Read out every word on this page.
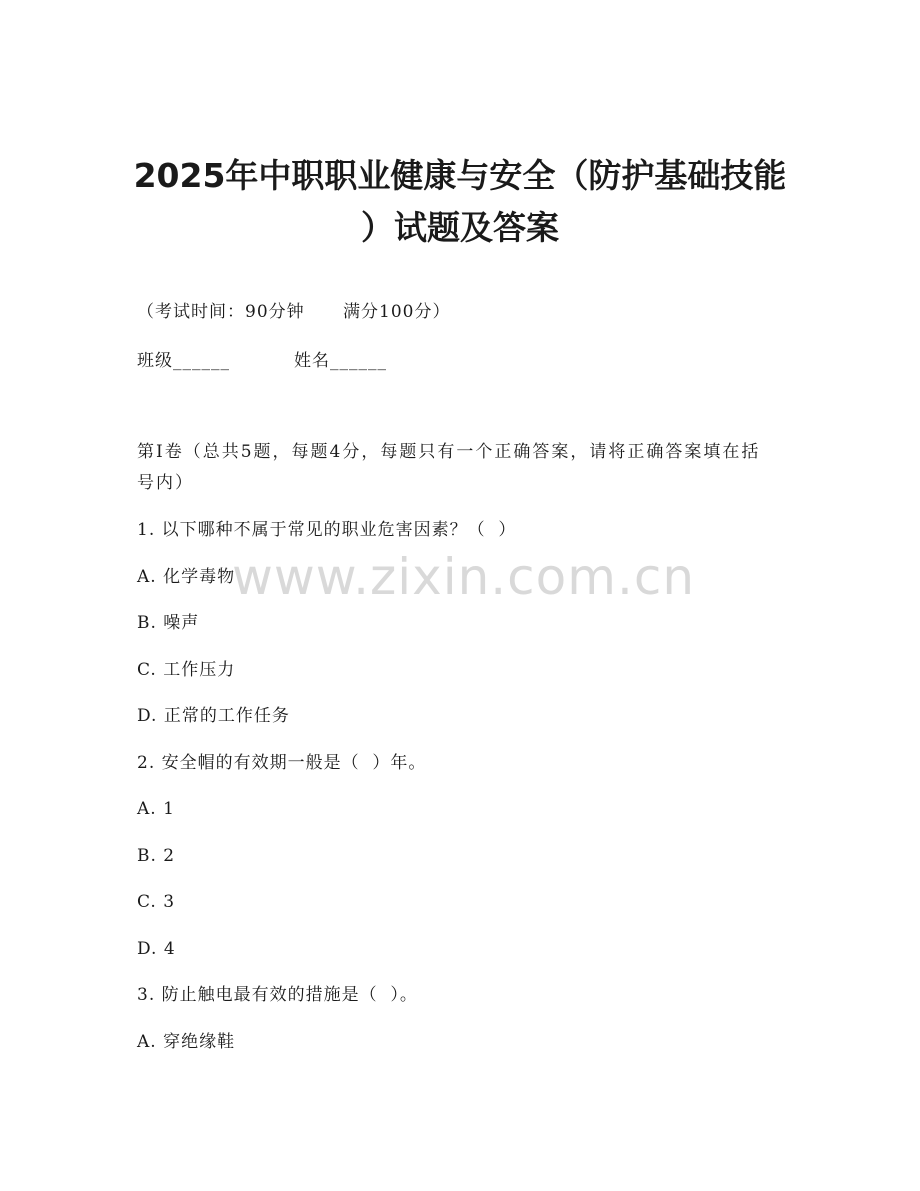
2025年中职职业健康与安全（防护基础技能
）试题及答案

（考试时间：90分钟      满分100分）

班级______	姓名______

第I卷（总共5题，每题4分，每题只有一个正确答案，请将正确答案填在括号内）

www.zixin.com.cn

1. 以下哪种不属于常见的职业危害因素？（  ）

A. 化学毒物

B. 噪声

C. 工作压力

D. 正常的工作任务

2. 安全帽的有效期一般是（  ）年。

A. 1

B. 2

C. 3

D. 4

3. 防止触电最有效的措施是（  ）。

A. 穿绝缘鞋
